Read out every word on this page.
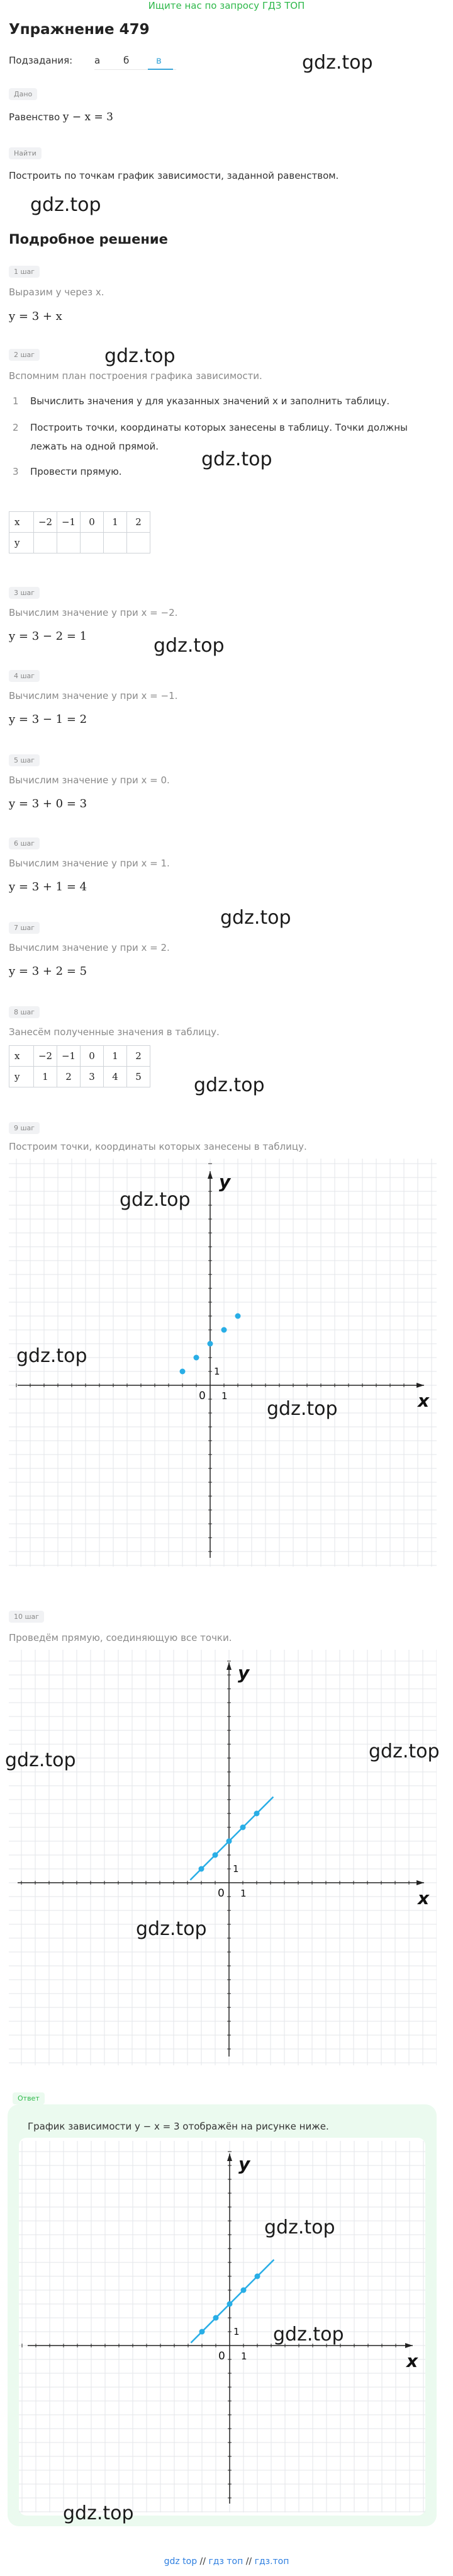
Ищите нас по запросу ГДЗ ТОП
Упражнение 479
Подзадания: а б	в
Дано
Равенство y − x = 3
Найти
Построить по точкам график зависимости, заданной равенством.
Подробное решение
1 шаг
Выразим y через x.
y = 3 + x
2 шаг
Вспомним план построения графика зависимости.
1 Вычислить значения y для указанных значений x и заполнить таблицу.
2 Построить точки, координаты которых занесены в таблицу. Точки должны
лежать на одной прямой.
3 Провести прямую.
x	−2	−1	0	1	2
y					
3 шаг
Вычислим значение y при x = −2.
y = 3 − 2 = 1
4 шаг
Вычислим значение y при x = −1.
y = 3 − 1 = 2
5 шаг
Вычислим значение y при x = 0.
y = 3 + 0 = 3
6 шаг
Вычислим значение y при x = 1.
y = 3 + 1 = 4
7 шаг
Вычислим значение y при x = 2.
y = 3 + 2 = 5
8 шаг
Занесём полученные значения в таблицу.
x	−2	−1	0	1	2
y	1	2	3	4	5
9 шаг
Построим точки, координаты которых занесены в таблицу.
x
y
0 1
1
10 шаг
Проведём прямую, соединяющую все точки.
x
y
0 1
1
Ответ
График зависимости y − x = 3 отображён на рисунке ниже.
x
y
0 1
1
gdz.top
gdz.top
gdz.top
gdz.top
gdz.top
gdz.top
gdz.top
gdz.top
gdz.top
gdz.top
gdz.top	gdz.top
gdz.top
gdz.top
gdz.top
gdz.top
gdz top // гдз топ // гдз.топ
